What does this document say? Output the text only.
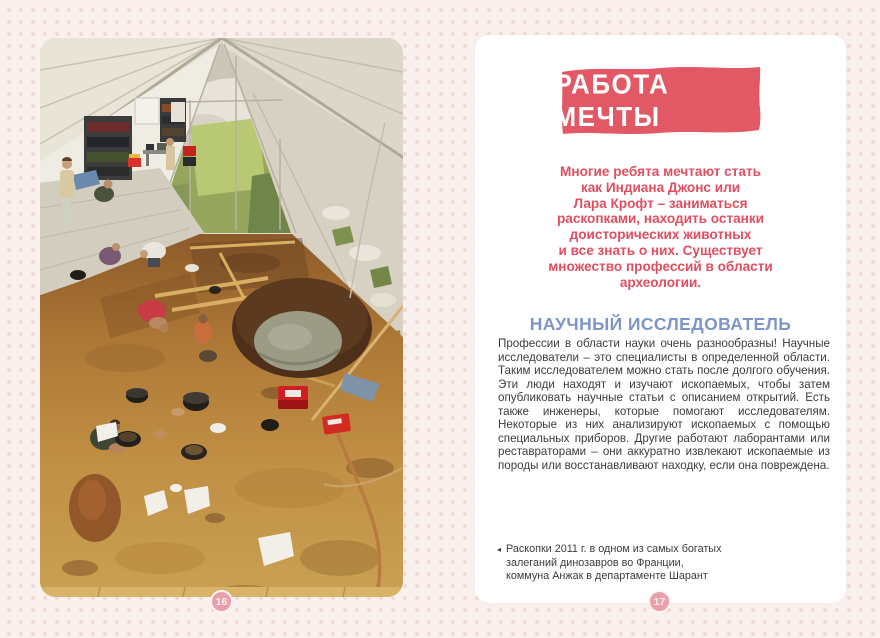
РАБОТА МЕЧТЫ
Многие ребята мечтают стать
как Индиана Джонс или
Лара Крофт – заниматься
раскопками, находить останки
доисторических животных
и все знать о них. Существует
множество профессий в области
археологии.
НАУЧНЫЙ ИССЛЕДОВАТЕЛЬ
Профессии в области науки очень разнообразны! Научные исследователи – это специалисты в определенной области. Таким исследователем можно стать после долгого обучения. Эти люди находят и изучают ископаемых, чтобы затем опубликовать научные статьи с описанием открытий. Есть также инженеры, которые помогают исследователям. Некоторые из них анализируют ископаемых с помощью специальных приборов. Другие работают лаборантами или реставраторами – они аккуратно извлекают ископаемые из породы или восстанавливают находку, если она повреждена.
◂ Раскопки 2011 г. в одном из самых богатых
залеганий динозавров во Франции,
коммуна Анжак в департаменте Шарант
16	17
